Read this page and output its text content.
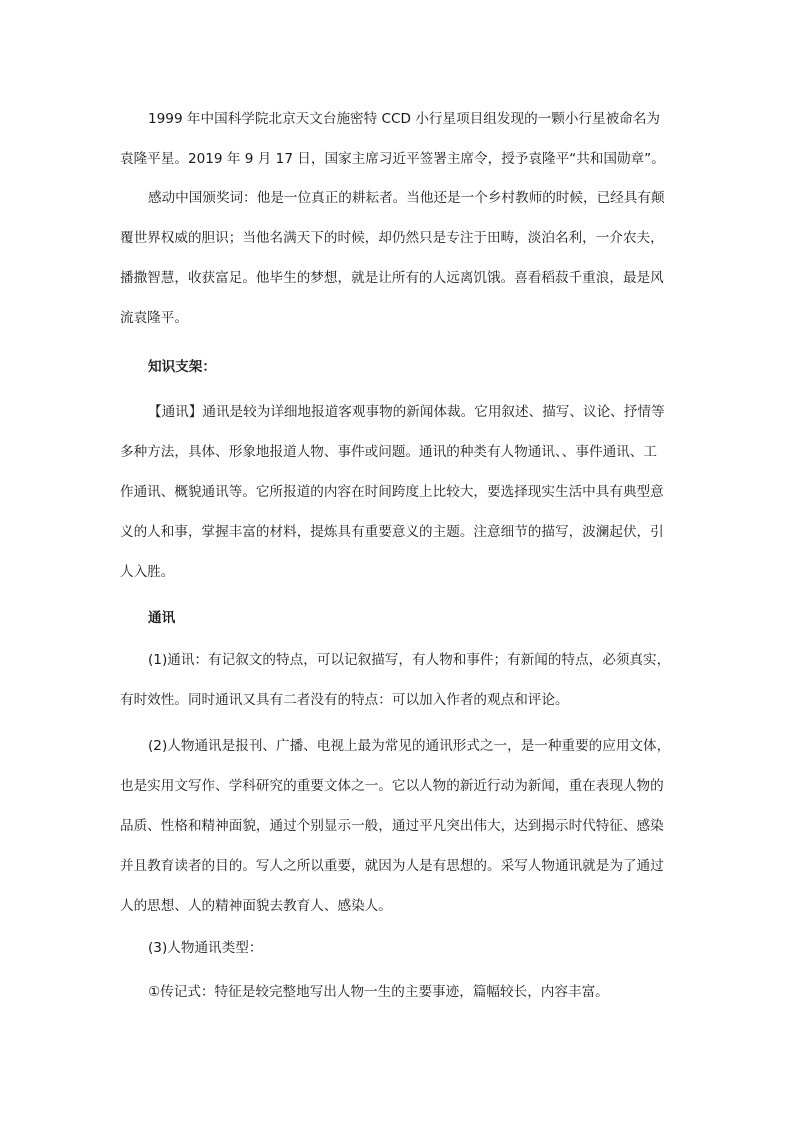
1999 年中国科学院北京天文台施密特 CCD 小行星项目组发现的一颗小行星被命名为

袁隆平星。2019 年 9 月 17 日，国家主席习近平签署主席令，授予袁隆平“共和国勋章”。

感动中国颁奖词：他是一位真正的耕耘者。当他还是一个乡村教师的时候，已经具有颠

覆世界权威的胆识；当他名满天下的时候，却仍然只是专注于田畴，淡泊名利，一介农夫，

播撒智慧，收获富足。他毕生的梦想，就是让所有的人远离饥饿。喜看稻菽千重浪，最是风

流袁隆平。

知识支架：

【通讯】通讯是较为详细地报道客观事物的新闻体裁。它用叙述、描写、议论、抒情等

多种方法，具体、形象地报道人物、事件或问题。通讯的种类有人物通讯、、事件通讯、工

作通讯、概貌通讯等。它所报道的内容在时间跨度上比较大，要选择现实生活中具有典型意

义的人和事，掌握丰富的材料，提炼具有重要意义的主题。注意细节的描写，波澜起伏，引

人入胜。

通讯

(1)通讯：有记叙文的特点，可以记叙描写，有人物和事件；有新闻的特点，必须真实，

有时效性。同时通讯又具有二者没有的特点：可以加入作者的观点和评论。

(2)人物通讯是报刊、广播、电视上最为常见的通讯形式之一，是一种重要的应用文体，

也是实用文写作、学科研究的重要文体之一。它以人物的新近行动为新闻，重在表现人物的

品质、性格和精神面貌，通过个别显示一般，通过平凡突出伟大，达到揭示时代特征、感染

并且教育读者的目的。写人之所以重要，就因为人是有思想的。采写人物通讯就是为了通过

人的思想、人的精神面貌去教育人、感染人。

(3)人物通讯类型：

①传记式：特征是较完整地写出人物一生的主要事迹，篇幅较长，内容丰富。
